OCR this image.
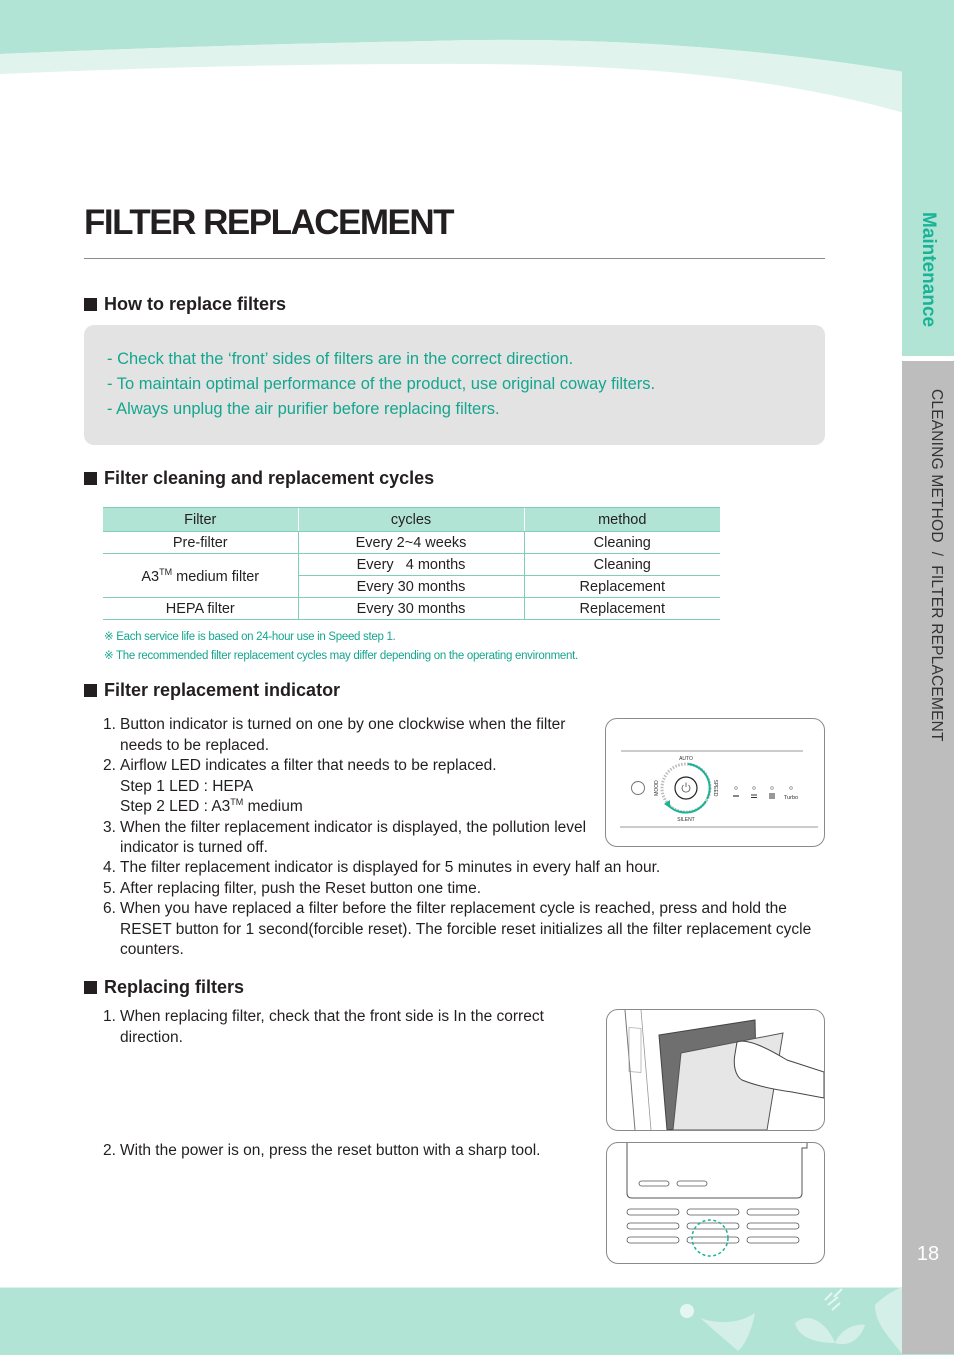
Maintenance
CLEANING METHOD  /  FILTER REPLACEMENT
18
FILTER REPLACEMENT
How to replace filters
- Check that the ‘front’ sides of filters are in the correct direction.
- To maintain optimal performance of the product, use original coway filters.
- Always unplug the air purifier before replacing filters.
Filter cleaning and replacement cycles
Filter	cycles	method
Pre-filter	Every 2~4 weeks	Cleaning
A3™ medium filter	Every   4 months	Cleaning
	Every 30 months	Replacement
HEPA filter	Every 30 months	Replacement
※ Each service life is based on 24-hour use in Speed step 1.
※ The recommended filter replacement cycles may differ depending on the operating environment.
Filter replacement indicator
1. Button indicator is turned on one by one clockwise when the filter needs to be replaced.
2. Airflow LED indicates a filter that needs to be replaced.
Step 1 LED : HEPA
Step 2 LED : A3™ medium
3. When the filter replacement indicator is displayed, the pollution level indicator is turned off.
4. The filter replacement indicator is displayed for 5 minutes in every half an hour.
5. After replacing filter, push the Reset button one time.
6. When you have replaced a filter before the filter replacement cycle is reached, press and hold the RESET button for 1 second(forcible reset). The forcible reset initializes all the filter replacement cycle counters.
AUTO
SILENT
SPEED
MOOD
Turbo
Replacing filters
1. When replacing filter, check that the front side is In the correct direction.
2. With the power is on, press the reset button with a sharp tool.
